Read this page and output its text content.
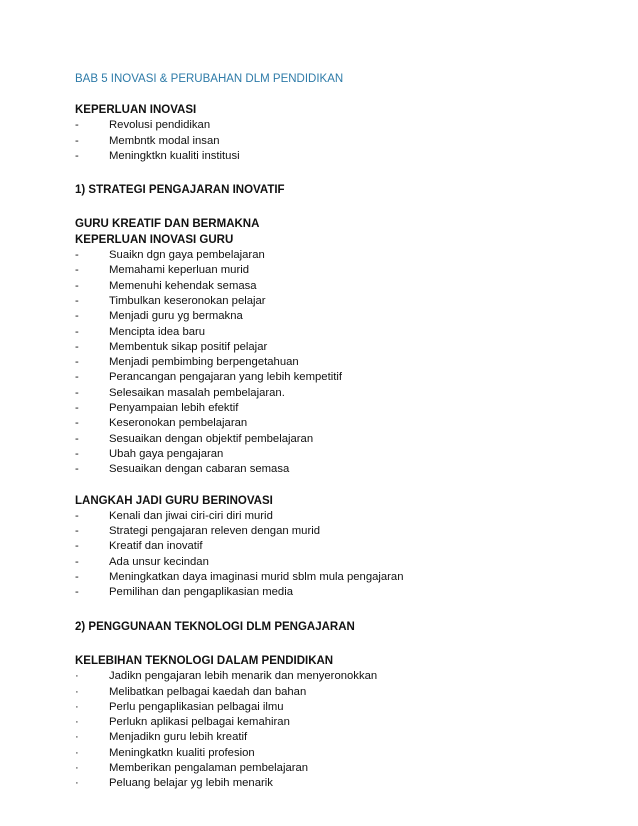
BAB 5 INOVASI & PERUBAHAN DLM PENDIDIKAN
KEPERLUAN INOVASI
-	Revolusi pendidikan
-	Membntk modal insan
-	Meningktkn kualiti institusi
1) STRATEGI PENGAJARAN INOVATIF
GURU KREATIF DAN BERMAKNA
KEPERLUAN INOVASI GURU
-	Suaikn dgn gaya pembelajaran
-	Memahami keperluan murid
-	Memenuhi kehendak semasa
-	Timbulkan keseronokan pelajar
-	Menjadi guru yg bermakna
-	Mencipta idea baru
-	Membentuk sikap positif pelajar
-	Menjadi pembimbing berpengetahuan
-	Perancangan pengajaran yang lebih kempetitif
-	Selesaikan masalah pembelajaran.
-	Penyampaian lebih efektif
-	Keseronokan pembelajaran
-	Sesuaikan dengan objektif pembelajaran
-	Ubah gaya pengajaran
-	Sesuaikan dengan cabaran semasa
LANGKAH JADI GURU BERINOVASI
-	Kenali dan jiwai ciri-ciri diri murid
-	Strategi pengajaran releven dengan murid
-	Kreatif dan inovatif
-	Ada unsur kecindan
-	Meningkatkan daya imaginasi murid sblm mula pengajaran
-	Pemilihan dan pengaplikasian media
2) PENGGUNAAN TEKNOLOGI DLM PENGAJARAN
KELEBIHAN TEKNOLOGI DALAM PENDIDIKAN
·	Jadikn pengajaran lebih menarik dan menyeronokkan
·	Melibatkan pelbagai kaedah dan bahan
·	Perlu pengaplikasian pelbagai ilmu
·	Perlukn aplikasi pelbagai kemahiran
·	Menjadikn guru lebih kreatif
·	Meningkatkn kualiti profesion
·	Memberikan pengalaman pembelajaran
·	Peluang belajar yg lebih menarik
